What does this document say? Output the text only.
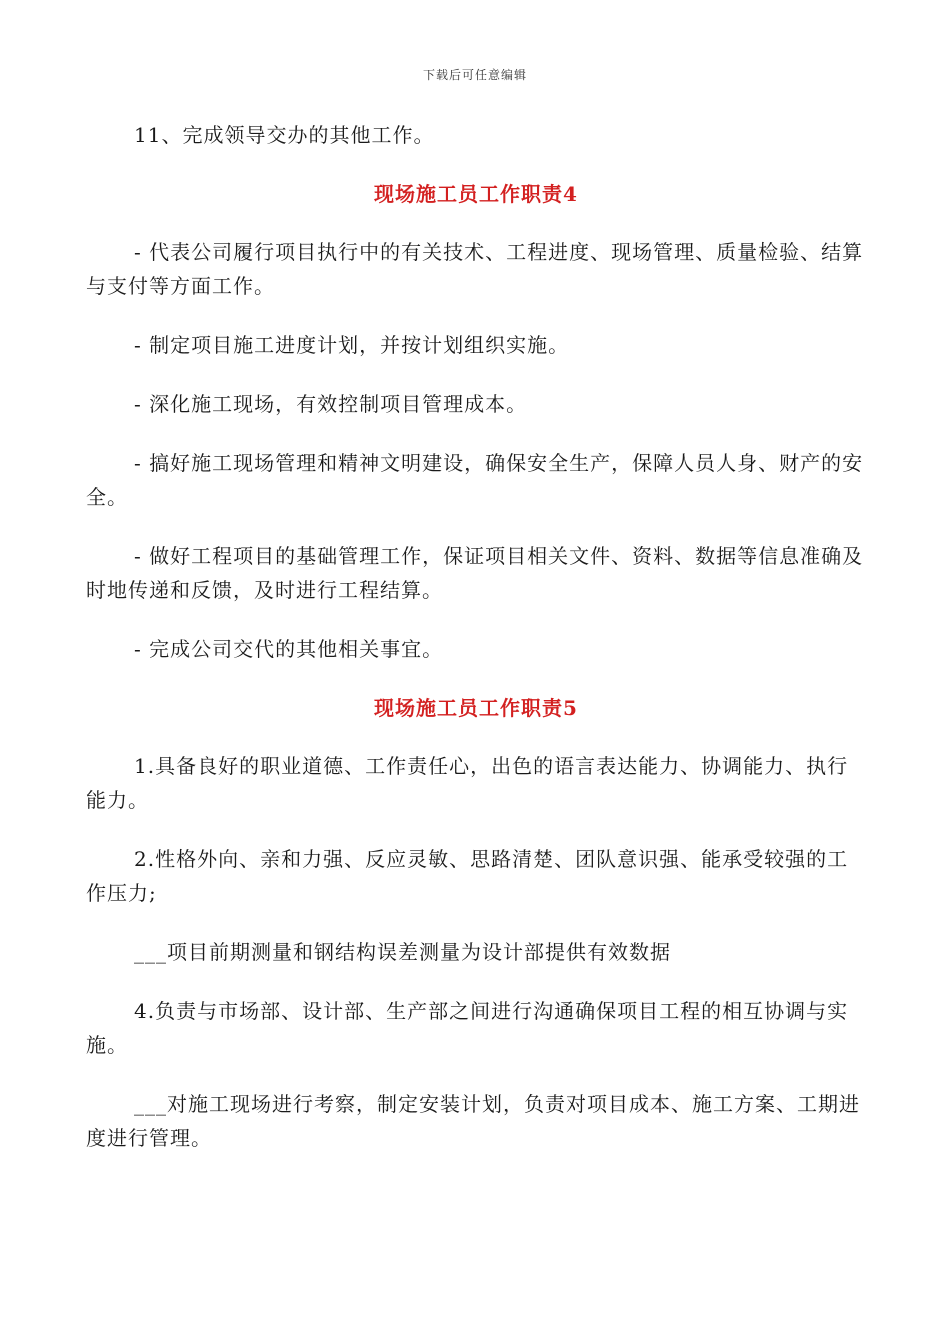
下载后可任意编辑

11、完成领导交办的其他工作。

现场施工员工作职责4

- 代表公司履行项目执行中的有关技术、工程进度、现场管理、质量检验、结算与支付等方面工作。

- 制定项目施工进度计划，并按计划组织实施。

- 深化施工现场，有效控制项目管理成本。

- 搞好施工现场管理和精神文明建设，确保安全生产，保障人员人身、财产的安全。

- 做好工程项目的基础管理工作，保证项目相关文件、资料、数据等信息准确及时地传递和反馈，及时进行工程结算。

- 完成公司交代的其他相关事宜。

现场施工员工作职责5

1.具备良好的职业道德、工作责任心，出色的语言表达能力、协调能力、执行能力。

2.性格外向、亲和力强、反应灵敏、思路清楚、团队意识强、能承受较强的工作压力;

___项目前期测量和钢结构误差测量为设计部提供有效数据

4.负责与市场部、设计部、生产部之间进行沟通确保项目工程的相互协调与实施。

___对施工现场进行考察，制定安装计划，负责对项目成本、施工方案、工期进度进行管理。
